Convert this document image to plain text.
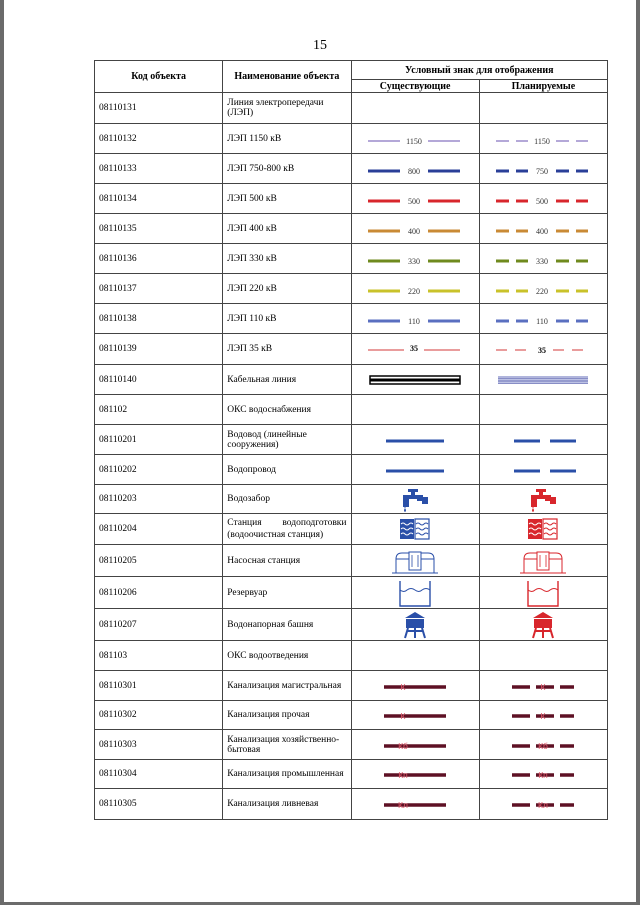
15
Код объекта	Наименование объекта	Условный знак для отображения	
		Существующие	Планируемые
08110131	Линия электропередачи (ЛЭП)		
08110132	ЛЭП 1150 кВ	1150	1150

08110133	ЛЭП 750-800 кВ	800	750

08110134	ЛЭП 500 кВ	500	500

08110135	ЛЭП 400 кВ	400	400

08110136	ЛЭП 330 кВ	330	330

08110137	ЛЭП 220 кВ	220	220

08110138	ЛЭП 110 кВ	110	110

08110139	ЛЭП 35 кВ	35	35

08110140	Кабельная линия	

081102	ОКС водоснабжения		
08110201	Водовод (линейные сооружения)	

08110202	Водопровод	

08110203	Водозабор	

08110204	Станция водоподготовки (водоочистная станция)	

08110205	Насосная станция	

08110206	Резервуар	

08110207	Водонапорная башня	

081103	ОКС водоотведения		
08110301	Канализация магистральная	К	К

08110302	Канализация прочая	К	К

08110303	Канализация хозяйственно-бытовая	Кб	Кб

08110304	Канализация промышленная	Кп	Кп

08110305	Канализация ливневая	Кл	Кл
